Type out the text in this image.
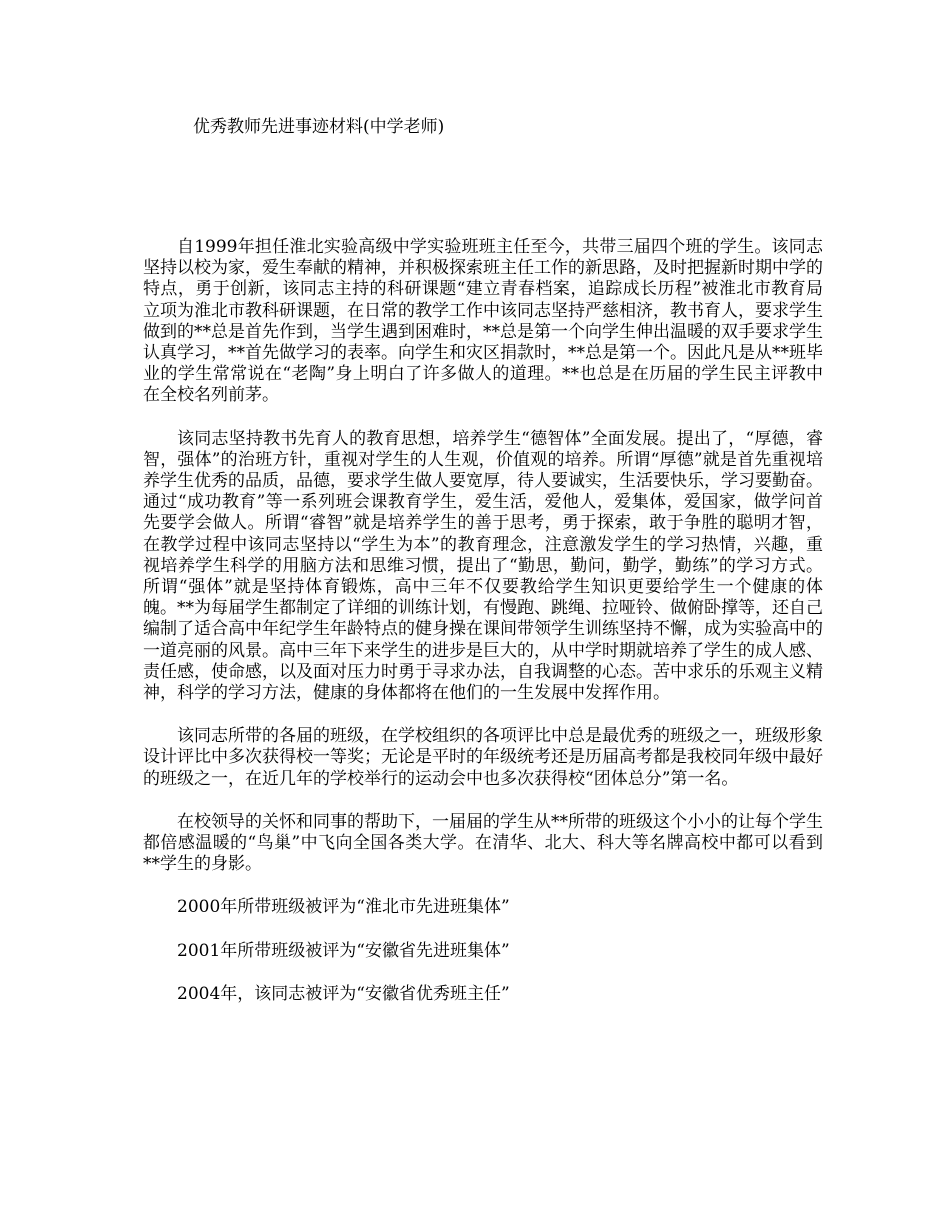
优秀教师先进事迹材料(中学老师)

自1999年担任淮北实验高级中学实验班班主任至今，共带三届四个班的学生。该同志坚持以校为家，爱生奉献的精神，并积极探索班主任工作的新思路，及时把握新时期中学的特点，勇于创新，该同志主持的科研课题“建立青春档案，追踪成长历程”被淮北市教育局立项为淮北市教科研课题，在日常的教学工作中该同志坚持严慈相济，教书育人，要求学生做到的**总是首先作到，当学生遇到困难时，**总是第一个向学生伸出温暖的双手要求学生认真学习，**首先做学习的表率。向学生和灾区捐款时，**总是第一个。因此凡是从**班毕业的学生常常说在“老陶”身上明白了许多做人的道理。**也总是在历届的学生民主评教中在全校名列前茅。

该同志坚持教书先育人的教育思想，培养学生“德智体”全面发展。提出了，“厚德，睿智，强体”的治班方针，重视对学生的人生观，价值观的培养。所谓“厚德”就是首先重视培养学生优秀的品质，品德，要求学生做人要宽厚，待人要诚实，生活要快乐，学习要勤奋。通过“成功教育”等一系列班会课教育学生，爱生活，爱他人，爱集体，爱国家，做学问首先要学会做人。所谓“睿智”就是培养学生的善于思考，勇于探索，敢于争胜的聪明才智，在教学过程中该同志坚持以“学生为本”的教育理念，注意激发学生的学习热情，兴趣，重视培养学生科学的用脑方法和思维习惯，提出了“勤思，勤问，勤学，勤练”的学习方式。所谓“强体”就是坚持体育锻炼，高中三年不仅要教给学生知识更要给学生一个健康的体魄。**为每届学生都制定了详细的训练计划，有慢跑、跳绳、拉哑铃、做俯卧撑等，还自己编制了适合高中年纪学生年龄特点的健身操在课间带领学生训练坚持不懈，成为实验高中的一道亮丽的风景。高中三年下来学生的进步是巨大的，从中学时期就培养了学生的成人感、责任感，使命感，以及面对压力时勇于寻求办法，自我调整的心态。苦中求乐的乐观主义精神，科学的学习方法，健康的身体都将在他们的一生发展中发挥作用。

该同志所带的各届的班级，在学校组织的各项评比中总是最优秀的班级之一，班级形象设计评比中多次获得校一等奖；无论是平时的年级统考还是历届高考都是我校同年级中最好的班级之一，在近几年的学校举行的运动会中也多次获得校“团体总分”第一名。

在校领导的关怀和同事的帮助下，一届届的学生从**所带的班级这个小小的让每个学生都倍感温暖的“鸟巢”中飞向全国各类大学。在清华、北大、科大等名牌高校中都可以看到**学生的身影。

2000年所带班级被评为“淮北市先进班集体”

2001年所带班级被评为“安徽省先进班集体”

2004年，该同志被评为“安徽省优秀班主任”
